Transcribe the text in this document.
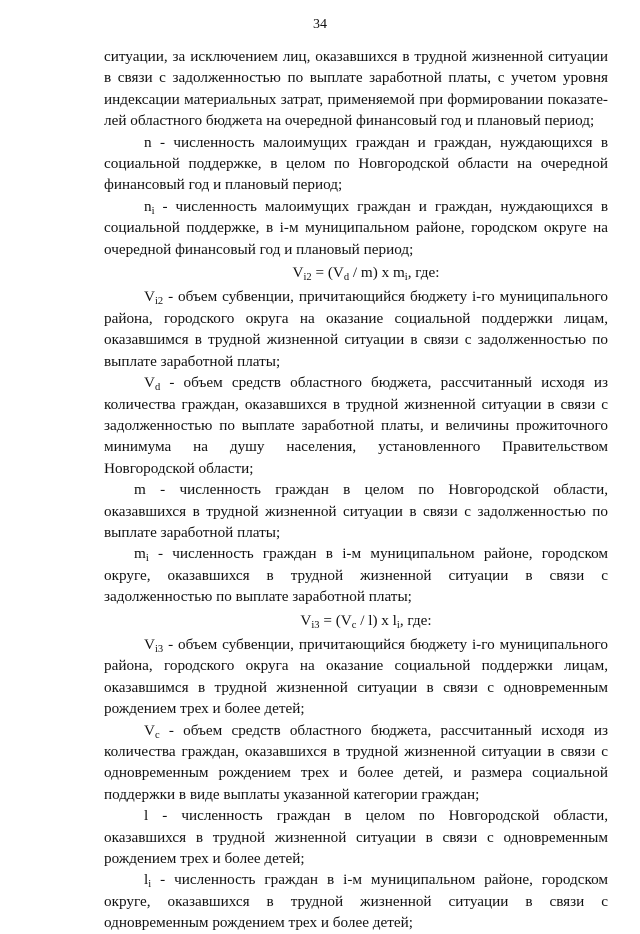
34

ситуации, за исключением лиц, оказавшихся в трудной жизненной ситуации
в связи с задолженностью по выплате заработной платы, с учетом уровня
индексации материальных затрат, применяемой при формировании показате-
лей областного бюджета на очередной финансовый год и плановый период;

n - численность малоимущих граждан и граждан, нуждающихся в социальной поддержке, в целом по Новгородской области на очередной финансовый год и плановый период;

$n_i$ - численность малоимущих граждан и граждан, нуждающихся в социальной поддержке, в i-м муниципальном районе, городском округе на очередной финансовый год и плановый период;

$V_{i2} = (V_d / m)$ x $m_i$, где:

$V_{i2}$ - объем субвенции, причитающийся бюджету i-го муниципального района, городского округа на оказание социальной поддержки лицам, оказавшимся в трудной жизненной ситуации в связи с задолженностью по выплате заработной платы;

$V_d$ - объем средств областного бюджета, рассчитанный исходя из количества граждан, оказавшихся в трудной жизненной ситуации в связи с задолженностью по выплате заработной платы, и величины прожиточного минимума на душу населения, установленного Правительством Новгородской области;

m - численность граждан в целом по Новгородской области, оказавшихся в трудной жизненной ситуации в связи с задолженностью по выплате заработной платы;

$m_i$ - численность граждан в i-м муниципальном районе, городском округе, оказавшихся в трудной жизненной ситуации в связи с задолженностью по выплате заработной платы;

$V_{i3} = (V_c / l)$ x $l_i$, где:

$V_{i3}$ - объем субвенции, причитающийся бюджету i-го муниципального района, городского округа на оказание социальной поддержки лицам, оказавшимся в трудной жизненной ситуации в связи с одновременным рождением трех и более детей;

$V_c$ - объем средств областного бюджета, рассчитанный исходя из количества граждан, оказавшихся в трудной жизненной ситуации в связи с одновременным рождением трех и более детей, и размера социальной поддержки в виде выплаты указанной категории граждан;

l - численность граждан в целом по Новгородской области, оказавшихся в трудной жизненной ситуации в связи с одновременным рождением трех и более детей;

$l_i$ - численность граждан в i-м муниципальном районе, городском округе, оказавшихся в трудной жизненной ситуации в связи с одновременным рождением трех и более детей;
